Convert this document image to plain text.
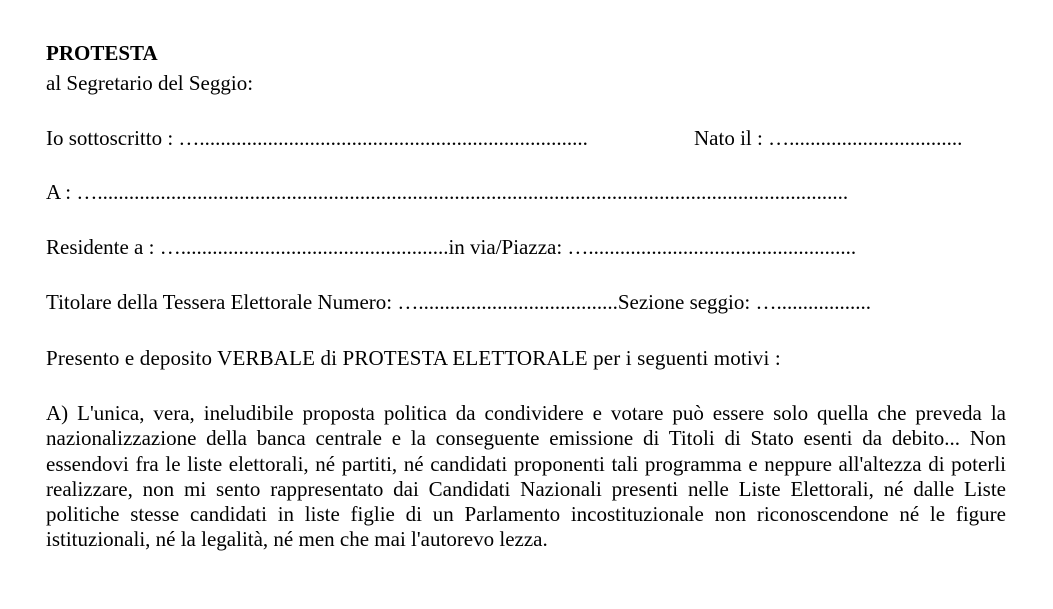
PROTESTA
al Segretario del Seggio:
Io sottoscritto : …..........................................................................	Nato il : ….................................
A : …...............................................................................................................................................
Residente a : …...................................................in via/Piazza: …...................................................
Titolare della Tessera Elettorale Numero: …......................................Sezione seggio: …..................
Presento e deposito VERBALE di PROTESTA ELETTORALE per i seguenti motivi :
A) L'unica, vera, ineludibile proposta politica da condividere e votare può essere solo quella che preveda la nazionalizzazione della banca centrale e la conseguente emissione di Titoli di Stato esenti da debito... Non essendovi fra le liste elettorali, né partiti, né candidati proponenti tali programma e neppure all'altezza di poterli realizzare, non mi sento rappresentato dai Candidati Nazionali presenti nelle Liste Elettorali, né dalle Liste politiche stesse candidati in liste figlie di un Parlamento incostituzionale non riconoscendone né le figure istituzionali, né la legalità, né men che mai l'autorevo lezza.
